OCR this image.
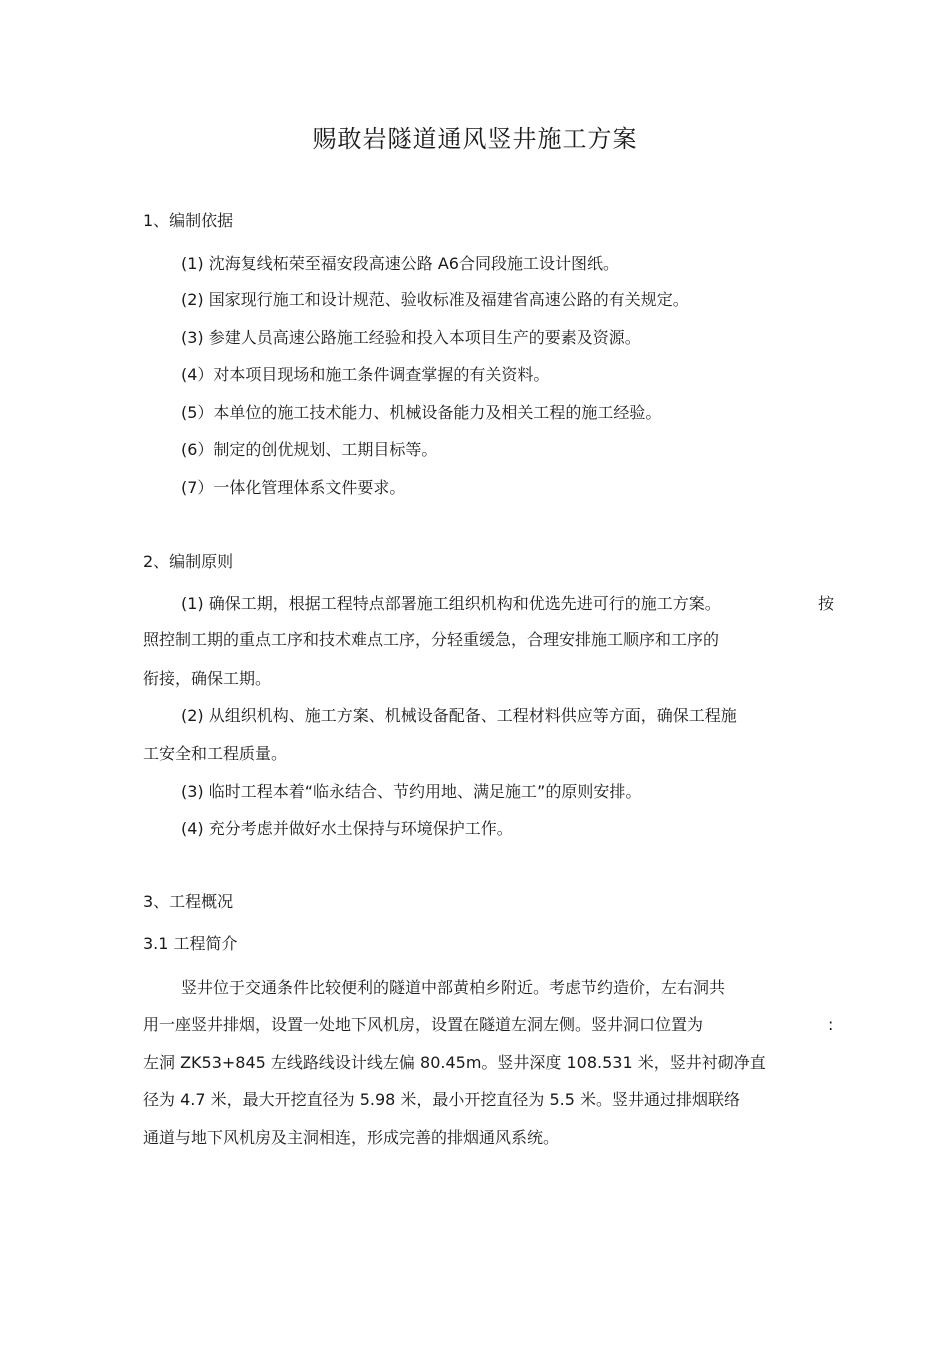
赐敢岩隧道通风竖井施工方案
1、编制依据
(1) 沈海复线柘荣至福安段高速公路 A6合同段施工设计图纸。
(2) 国家现行施工和设计规范、验收标准及福建省高速公路的有关规定。
(3) 参建人员高速公路施工经验和投入本项目生产的要素及资源。
(4）对本项目现场和施工条件调查掌握的有关资料。
(5）本单位的施工技术能力、机械设备能力及相关工程的施工经验。
(6）制定的创优规划、工期目标等。
(7）一体化管理体系文件要求。
2、编制原则
(1) 确保工期，根据工程特点部署施工组织机构和优选先进可行的施工方案。	按
照控制工期的重点工序和技术难点工序，分轻重缓急，合理安排施工顺序和工序的
衔接，确保工期。
(2) 从组织机构、施工方案、机械设备配备、工程材料供应等方面，确保工程施
工安全和工程质量。
(3) 临时工程本着“临永结合、节约用地、满足施工”的原则安排。
(4) 充分考虑并做好水土保持与环境保护工作。
3、工程概况
3.1 工程简介
竖井位于交通条件比较便利的隧道中部黄柏乡附近。考虑节约造价，左右洞共
用一座竖井排烟，设置一处地下风机房，设置在隧道左洞左侧。竖井洞口位置为	:
左洞 ZK53+845 左线路线设计线左偏 80.45m。竖井深度 108.531 米，竖井衬砌净直
径为 4.7 米，最大开挖直径为 5.98 米，最小开挖直径为 5.5 米。竖井通过排烟联络
通道与地下风机房及主洞相连，形成完善的排烟通风系统。
